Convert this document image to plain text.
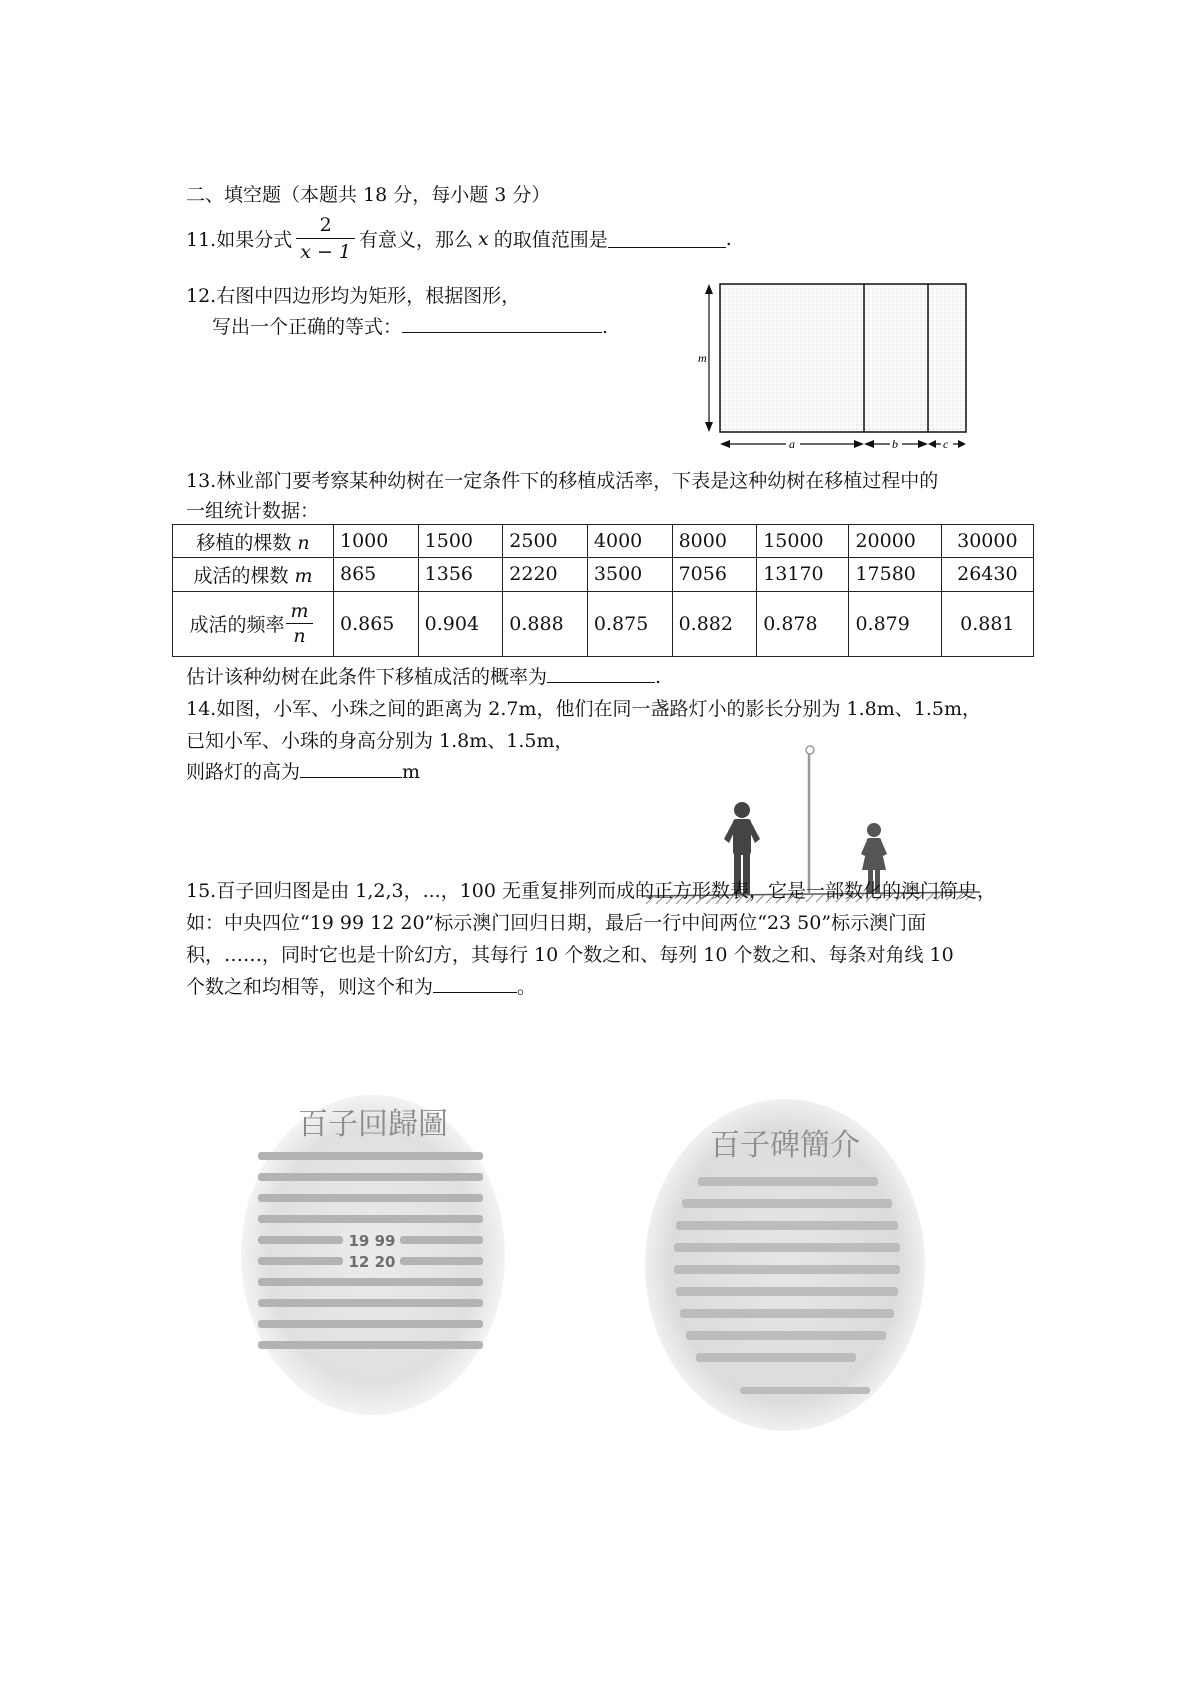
二、填空题（本题共 18 分，每小题 3 分）
11.如果分式 $\frac{2}{x - 1}$ 有意义，那么 x 的取值范围是	.
12.右图中四边形均为矩形，根据图形，
写出一个正确的等式：	.
m
a	b	c
13.林业部门要考察某种幼树在一定条件下的移植成活率，下表是这种幼树在移植过程中的
一组统计数据：
移植的棵数 n	1000	1500	2500	4000	8000	15000	20000	30000
成活的棵数 m	865	1356	2220	3500	7056	13170	17580	26430

成活的频率 $\frac{m}{n}$	0.865	0.904	0.888	0.875	0.882	0.878	0.879	0.881
估计该种幼树在此条件下移植成活的概率为	.
14.如图，小军、小珠之间的距离为 2.7m，他们在同一盏路灯小的影长分别为 1.8m、1.5m，
已知小军、小珠的身高分别为 1.8m、1.5m，
则路灯的高为	m
15.百子回归图是由 1,2,3，...，100 无重复排列而成的正方形数表，它是一部数化的澳门简史，
如：中央四位“19 99 12 20”标示澳门回归日期，最后一行中间两位“23 50”标示澳门面
积，……，同时它也是十阶幻方，其每行 10 个数之和、每列 10 个数之和、每条对角线 10
个数之和均相等，则这个和为	。
百子回歸圖
19 99
12 20
百子碑簡介
